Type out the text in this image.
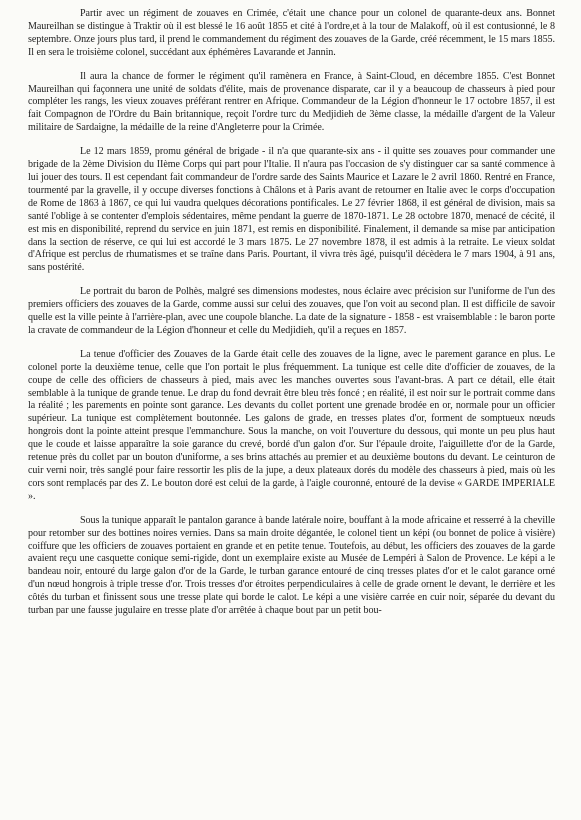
Partir avec un régiment de zouaves en Crimée, c'était une chance pour un colonel de quarante-deux ans. Bonnet Maureilhan se distingue à Traktir où il est blessé le 16 août 1855 et cité à l'ordre,et à la tour de Malakoff, où il est contusionné, le 8 septembre. Onze jours plus tard, il prend le commandement du régiment des zouaves de la Garde, créé récemment, le 15 mars 1855. Il en sera le troisième colonel, succédant aux éphémères Lavarande et Jannin.

Il aura la chance de former le régiment qu'il ramènera en France, à Saint-Cloud, en décembre 1855. C'est Bonnet Maureilhan qui façonnera une unité de soldats d'élite, mais de provenance disparate, car il y a beaucoup de chasseurs à pied pour compléter les rangs, les vieux zouaves préférant rentrer en Afrique. Commandeur de la Légion d'honneur le 17 octobre 1857, il est fait Compagnon de l'Ordre du Bain britannique, reçoit l'ordre turc du Medjidieh de 3ème classe, la médaille d'argent de la Valeur militaire de Sardaigne, la médaille de la reine d'Angleterre pour la Crimée.

Le 12 mars 1859, promu général de brigade - il n'a que quarante-six ans - il quitte ses zouaves pour commander une brigade de la 2ème Division du IIème Corps qui part pour l'Italie. Il n'aura pas l'occasion de s'y distinguer car sa santé commence à lui jouer des tours. Il est cependant fait commandeur de l'ordre sarde des Saints Maurice et Lazare le 2 avril 1860. Rentré en France, tourmenté par la gravelle, il y occupe diverses fonctions à Châlons et à Paris avant de retourner en Italie avec le corps d'occupation de Rome de 1863 à 1867, ce qui lui vaudra quelques décorations pontificales. Le 27 février 1868, il est général de division, mais sa santé l'oblige à se contenter d'emplois sédentaires, même pendant la guerre de 1870-1871. Le 28 octobre 1870, menacé de cécité, il est mis en disponibilité, reprend du service en juin 1871, est remis en disponibilité. Finalement, il demande sa mise par anticipation dans la section de réserve, ce qui lui est accordé le 3 mars 1875. Le 27 novembre 1878, il est admis à la retraite. Le vieux soldat d'Afrique est perclus de rhumatismes et se traîne dans Paris. Pourtant, il vivra très âgé, puisqu'il décèdera le 7 mars 1904, à 91 ans, sans postérité.

Le portrait du baron de Polhès, malgré ses dimensions modestes, nous éclaire avec précision sur l'uniforme de l'un des premiers officiers des zouaves de la Garde, comme aussi sur celui des zouaves, que l'on voit au second plan. Il est difficile de savoir quelle est la ville peinte à l'arrière-plan, avec une coupole blanche. La date de la signature - 1858 - est vraisemblable : le baron porte la cravate de commandeur de la Légion d'honneur et celle du Medjidieh, qu'il a reçues en 1857.

La tenue d'officier des Zouaves de la Garde était celle des zouaves de la ligne, avec le parement garance en plus. Le colonel porte la deuxième tenue, celle que l'on portait le plus fréquemment. La tunique est celle dite d'officier de zouaves, de la coupe de celle des officiers de chasseurs à pied, mais avec les manches ouvertes sous l'avant-bras. A part ce détail, elle était semblable à la tunique de grande tenue. Le drap du fond devrait être bleu très foncé ; en réalité, il est noir sur le portrait comme dans la réalité ; les parements en pointe sont garance. Les devants du collet portent une grenade brodée en or, normale pour un officier supérieur. La tunique est complètement boutonnée. Les galons de grade, en tresses plates d'or, forment de somptueux nœuds hongrois dont la pointe atteint presque l'emmanchure. Sous la manche, on voit l'ouverture du dessous, qui monte un peu plus haut que le coude et laisse apparaître la soie garance du crevé, bordé d'un galon d'or. Sur l'épaule droite, l'aiguillette d'or de la Garde, retenue près du collet par un bouton d'uniforme, a ses brins attachés au premier et au deuxième boutons du devant. Le ceinturon de cuir verni noir, très sanglé pour faire ressortir les plis de la jupe, a deux plateaux dorés du modèle des chasseurs à pied, mais où les cors sont remplacés par des Z. Le bouton doré est celui de la garde, à l'aigle couronné, entouré de la devise « GARDE IMPERIALE ».

Sous la tunique apparaît le pantalon garance à bande latérale noire, bouffant à la mode africaine et resserré à la cheville pour retomber sur des bottines noires vernies. Dans sa main droite dégantée, le colonel tient un képi (ou bonnet de police à visière) coiffure que les officiers de zouaves portaient en grande et en petite tenue. Toutefois, au début, les officiers des zouaves de la garde avaient reçu une casquette conique semi-rigide, dont un exemplaire existe au Musée de Lempéri à Salon de Provence. Le képi a le bandeau noir, entouré du large galon d'or de la Garde, le turban garance entouré de cinq tresses plates d'or et le calot garance orné d'un nœud hongrois à triple tresse d'or. Trois tresses d'or étroites perpendiculaires à celle de grade ornent le devant, le derrière et les côtés du turban et finissent sous une tresse plate qui borde le calot. Le képi a une visière carrée en cuir noir, séparée du devant du turban par une fausse jugulaire en tresse plate d'or arrêtée à chaque bout par un petit bou-
